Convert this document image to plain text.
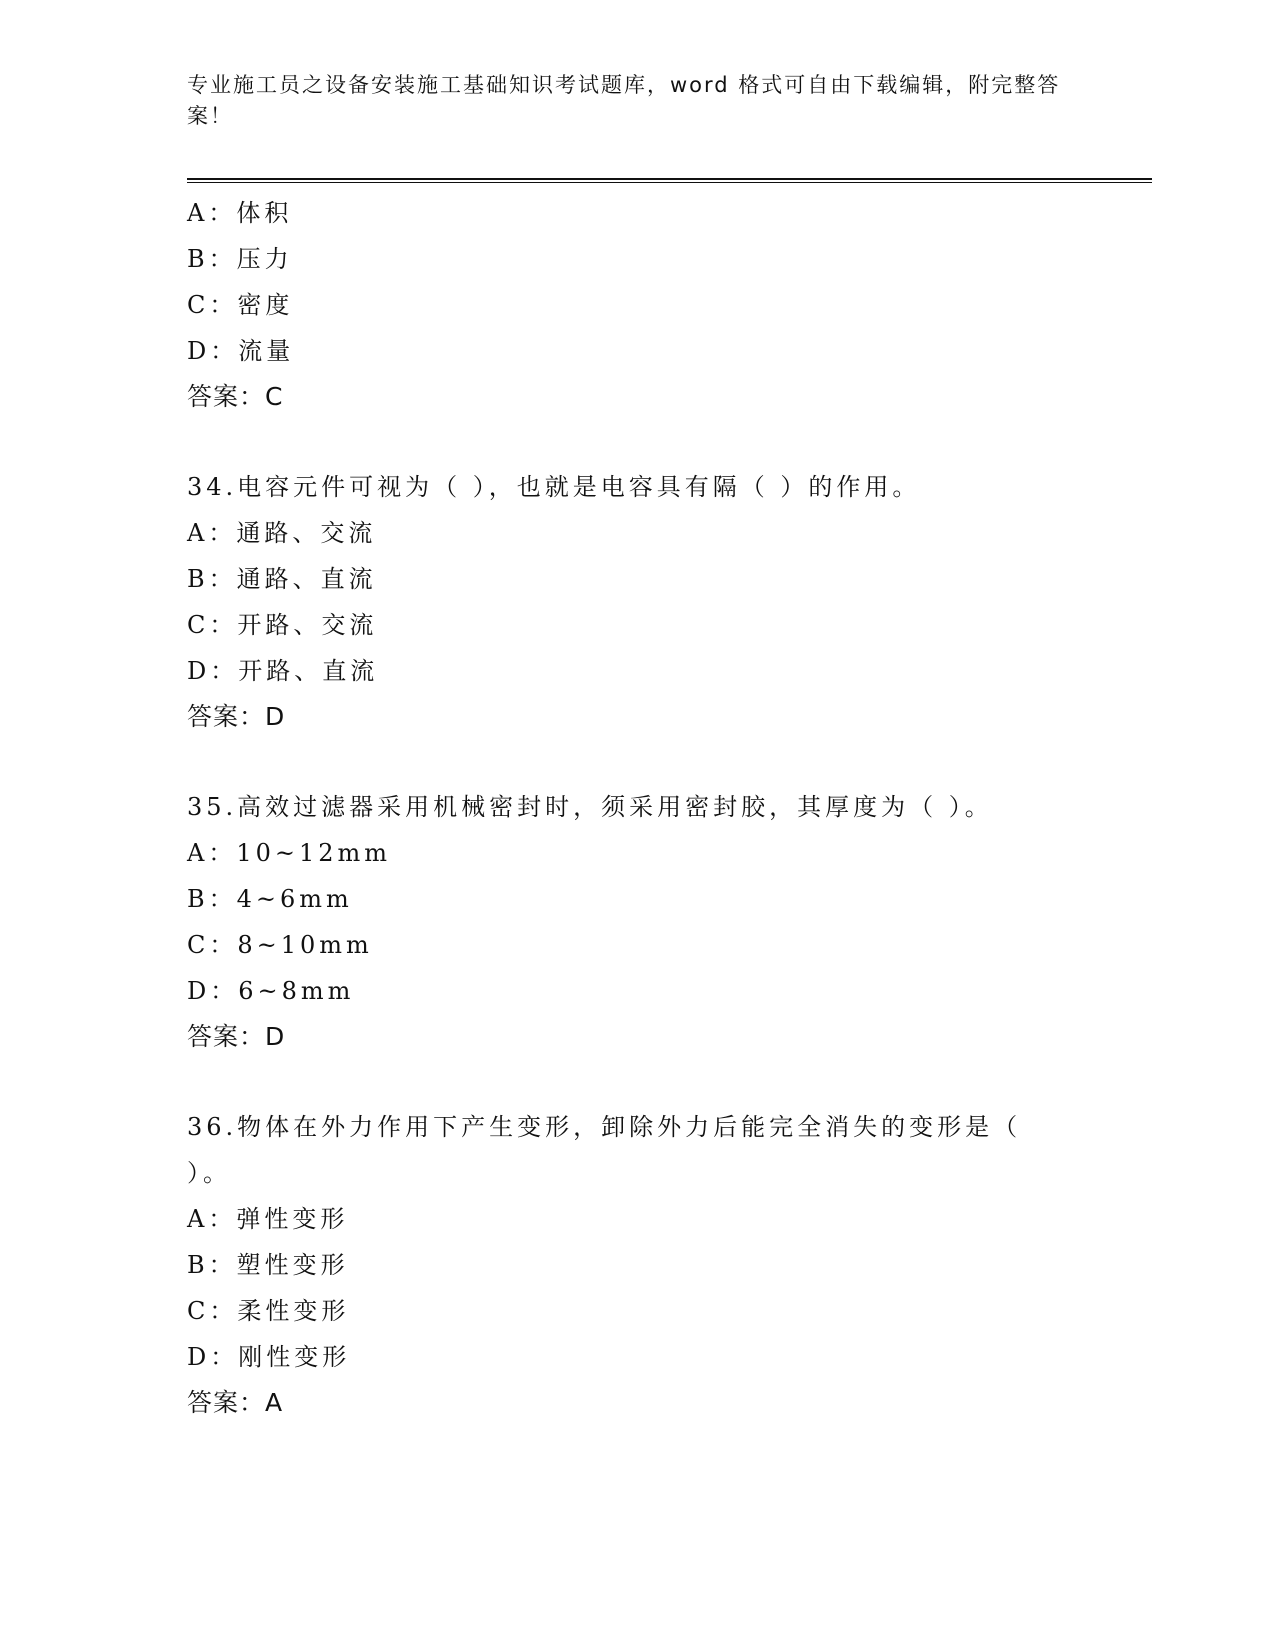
专业施工员之设备安装施工基础知识考试题库，word 格式可自由下载编辑，附完整答案！
A：体积
B：压力
C：密度
D：流量
答案：C
34.电容元件可视为（ ），也就是电容具有隔（ ）的作用。
A：通路、交流
B：通路、直流
C：开路、交流
D：开路、直流
答案：D
35.高效过滤器采用机械密封时，须采用密封胶，其厚度为（ ）。
A：10~12mm
B：4~6mm
C：8~10mm
D：6~8mm
答案：D
36.物体在外力作用下产生变形，卸除外力后能完全消失的变形是（ ）。
A：弹性变形
B：塑性变形
C：柔性变形
D：刚性变形
答案：A
